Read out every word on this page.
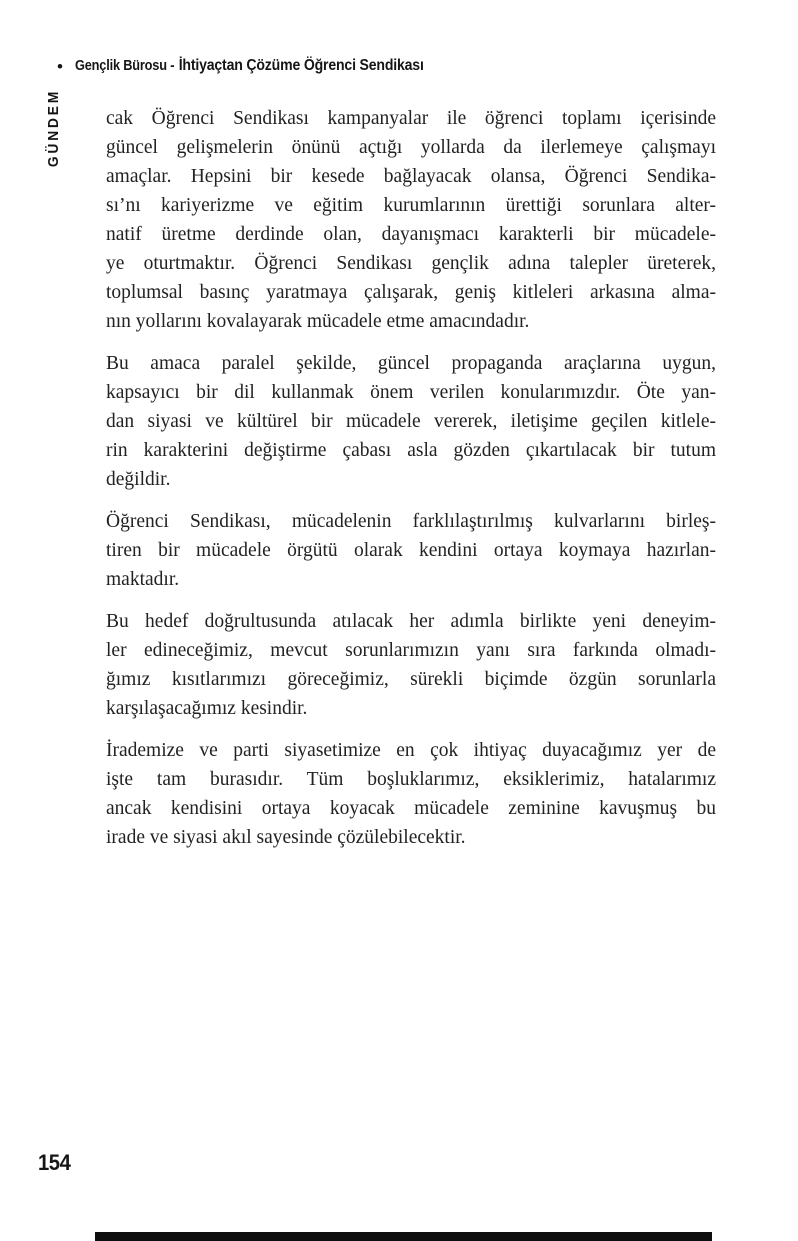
• Gençlik Bürosu - İhtiyaçtan Çözüme Öğrenci Sendikası
GÜNDEM cak Öğrenci Sendikası kampanyalar ile öğrenci toplamı içerisinde
güncel gelişmelerin önünü açtığı yollarda da ilerlemeye çalışmayı
amaçlar. Hepsini bir kesede bağlayacak olansa, Öğrenci Sendika-
sı’nı kariyerizme ve eğitim kurumlarının ürettiği sorunlara alter-
natif üretme derdinde olan, dayanışmacı karakterli bir mücadele-
ye oturtmaktır. Öğrenci Sendikası gençlik adına talepler üreterek,
toplumsal basınç yaratmaya çalışarak, geniş kitleleri arkasına alma-
nın yollarını kovalayarak mücadele etme amacındadır.
Bu amaca paralel şekilde, güncel propaganda araçlarına uygun,
kapsayıcı bir dil kullanmak önem verilen konularımızdır. Öte yan-
dan siyasi ve kültürel bir mücadele vererek, iletişime geçilen kitlele-
rin karakterini değiştirme çabası asla gözden çıkartılacak bir tutum
değildir.
Öğrenci Sendikası, mücadelenin farklılaştırılmış kulvarlarını birleş-
tiren bir mücadele örgütü olarak kendini ortaya koymaya hazırlan-
maktadır.
Bu hedef doğrultusunda atılacak her adımla birlikte yeni deneyim-
ler edineceğimiz, mevcut sorunlarımızın yanı sıra farkında olmadı-
ğımız kısıtlarımızı göreceğimiz, sürekli biçimde özgün sorunlarla
karşılaşacağımız kesindir.
İrademize ve parti siyasetimize en çok ihtiyaç duyacağımız yer de
işte tam burasıdır. Tüm boşluklarımız, eksiklerimiz, hatalarımız
ancak kendisini ortaya koyacak mücadele zeminine kavuşmuş bu
irade ve siyasi akıl sayesinde çözülebilecektir.
154
